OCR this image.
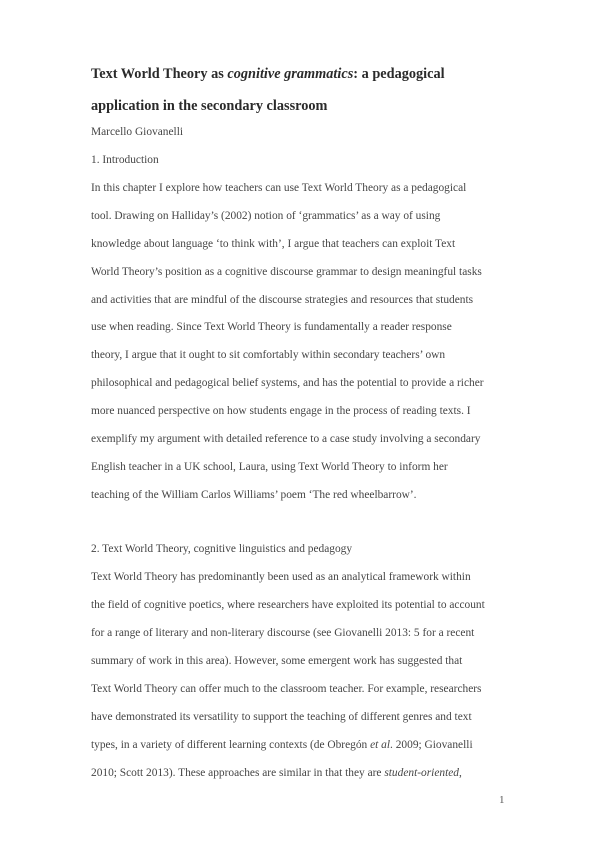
Text World Theory as cognitive grammatics: a pedagogical
application in the secondary classroom
Marcello Giovanelli
1. Introduction
In this chapter I explore how teachers can use Text World Theory as a pedagogical
tool. Drawing on Halliday’s (2002) notion of ‘grammatics’ as a way of using
knowledge about language ‘to think with’, I argue that teachers can exploit Text
World Theory’s position as a cognitive discourse grammar to design meaningful tasks
and activities that are mindful of the discourse strategies and resources that students
use when reading. Since Text World Theory is fundamentally a reader response
theory, I argue that it ought to sit comfortably within secondary teachers’ own
philosophical and pedagogical belief systems, and has the potential to provide a richer
more nuanced perspective on how students engage in the process of reading texts. I
exemplify my argument with detailed reference to a case study involving a secondary
English teacher in a UK school, Laura, using Text World Theory to inform her
teaching of the William Carlos Williams’ poem ‘The red wheelbarrow’.
2. Text World Theory, cognitive linguistics and pedagogy
Text World Theory has predominantly been used as an analytical framework within
the field of cognitive poetics, where researchers have exploited its potential to account
for a range of literary and non-literary discourse (see Giovanelli 2013: 5 for a recent
summary of work in this area). However, some emergent work has suggested that
Text World Theory can offer much to the classroom teacher. For example, researchers
have demonstrated its versatility to support the teaching of different genres and text
types, in a variety of different learning contexts (de Obregón et al. 2009; Giovanelli
2010; Scott 2013). These approaches are similar in that they are student-oriented,
1
